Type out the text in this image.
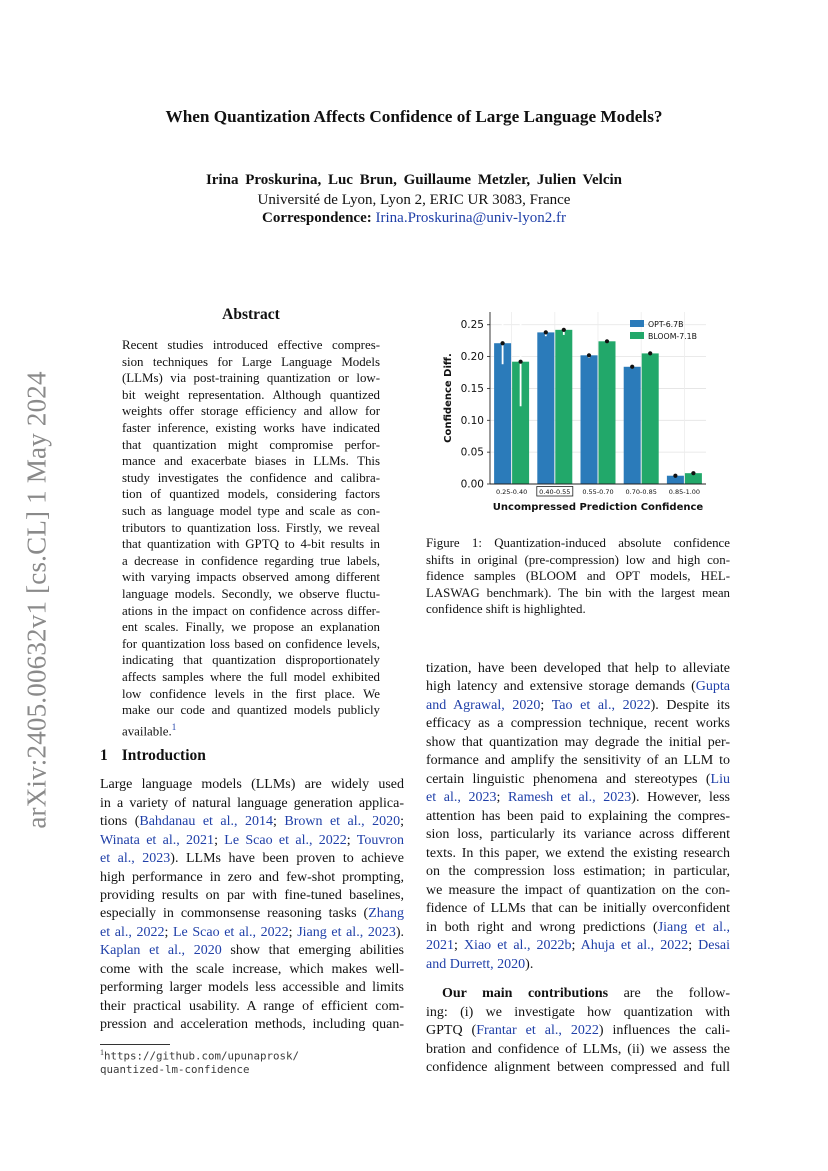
arXiv:2405.00632v1 [cs.CL] 1 May 2024
When Quantization Affects Confidence of Large Language Models?
Irina Proskurina, Luc Brun, Guillaume Metzler, Julien Velcin
Université de Lyon, Lyon 2, ERIC UR 3083, France
Correspondence: Irina.Proskurina@univ-lyon2.fr
Abstract
Recent studies introduced effective compres-
sion techniques for Large Language Models
(LLMs) via post-training quantization or low-
bit weight representation. Although quantized
weights offer storage efficiency and allow for
faster inference, existing works have indicated
that quantization might compromise perfor-
mance and exacerbate biases in LLMs. This
study investigates the confidence and calibra-
tion of quantized models, considering factors
such as language model type and scale as con-
tributors to quantization loss. Firstly, we reveal
that quantization with GPTQ to 4-bit results in
a decrease in confidence regarding true labels,
with varying impacts observed among different
language models. Secondly, we observe fluctu-
ations in the impact on confidence across differ-
ent scales. Finally, we propose an explanation
for quantization loss based on confidence levels,
indicating that quantization disproportionately
affects samples where the full model exhibited
low confidence levels in the first place. We
make our code and quantized models publicly
available.$^1$
1 Introduction
Large language models (LLMs) are widely used
in a variety of natural language generation applica-
tions (Bahdanau et al., 2014; Brown et al., 2020;
Winata et al., 2021; Le Scao et al., 2022; Touvron
et al., 2023). LLMs have been proven to achieve
high performance in zero and few-shot prompting,
providing results on par with fine-tuned baselines,
especially in commonsense reasoning tasks (Zhang
et al., 2022; Le Scao et al., 2022; Jiang et al., 2023).
Kaplan et al., 2020 show that emerging abilities
come with the scale increase, which makes well-
performing larger models less accessible and limits
their practical usability. A range of efficient com-
pression and acceleration methods, including quan-
$^1$https://github.com/upunaprosk/
quantized-lm-confidence
0.00
0.05
0.10
0.15
0.20
0.25
0.25-0.40 0.40-0.55 0.55-0.70 0.70-0.85 0.85-1.00
Uncompressed Prediction Confidence
Confidence Diff.
OPT-6.7B
BLOOM-7.1B
Figure 1: Quantization-induced absolute confidence
shifts in original (pre-compression) low and high con-
fidence samples (BLOOM and OPT models, HEL-
LASWAG benchmark). The bin with the largest mean
confidence shift is highlighted.
tization, have been developed that help to alleviate
high latency and extensive storage demands (Gupta
and Agrawal, 2020; Tao et al., 2022). Despite its
efficacy as a compression technique, recent works
show that quantization may degrade the initial per-
formance and amplify the sensitivity of an LLM to
certain linguistic phenomena and stereotypes (Liu
et al., 2023; Ramesh et al., 2023). However, less
attention has been paid to explaining the compres-
sion loss, particularly its variance across different
texts. In this paper, we extend the existing research
on the compression loss estimation; in particular,
we measure the impact of quantization on the con-
fidence of LLMs that can be initially overconfident
in both right and wrong predictions (Jiang et al.,
2021; Xiao et al., 2022b; Ahuja et al., 2022; Desai
and Durrett, 2020).
Our main contributions are the follow-
ing: (i) we investigate how quantization with
GPTQ (Frantar et al., 2022) influences the cali-
bration and confidence of LLMs, (ii) we assess the
confidence alignment between compressed and full
